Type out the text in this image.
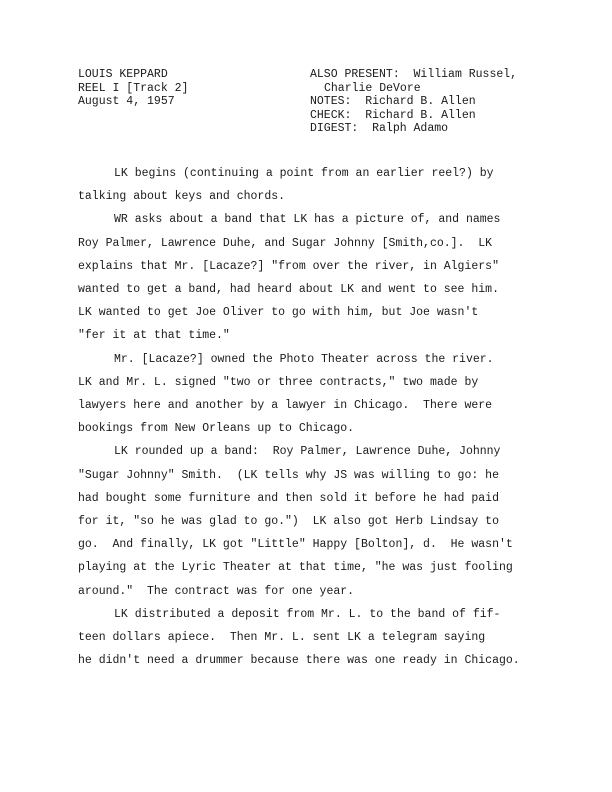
LOUIS KEPPARD
REEL I [Track 2]
August 4, 1957
ALSO PRESENT: William Russel,
Charlie DeVore
NOTES:  Richard B. Allen
CHECK:  Richard B. Allen
DIGEST:  Ralph Adamo

LK begins (continuing a point from an earlier reel?) by
talking about keys and chords.

WR asks about a band that LK has a picture of, and names
Roy Palmer, Lawrence Duhe, and Sugar Johnny [Smith,co.].  LK
explains that Mr. [Lacaze?] "from over the river, in Algiers"
wanted to get a band, had heard about LK and went to see him.
LK wanted to get Joe Oliver to go with him, but Joe wasn't
"fer it at that time."

Mr. [Lacaze?] owned the Photo Theater across the river.
LK and Mr. L. signed "two or three contracts," two made by
lawyers here and another by a lawyer in Chicago.  There were
bookings from New Orleans up to Chicago.

LK rounded up a band:  Roy Palmer, Lawrence Duhe, Johnny
"Sugar Johnny" Smith.  (LK tells why JS was willing to go: he
had bought some furniture and then sold it before he had paid
for it, "so he was glad to go.")  LK also got Herb Lindsay to
go.  And finally, LK got "Little" Happy [Bolton], d.  He wasn't
playing at the Lyric Theater at that time, "he was just fooling
around."  The contract was for one year.

LK distributed a deposit from Mr. L. to the band of fif-
teen dollars apiece.  Then Mr. L. sent LK a telegram saying
he didn't need a drummer because there was one ready in Chicago.
